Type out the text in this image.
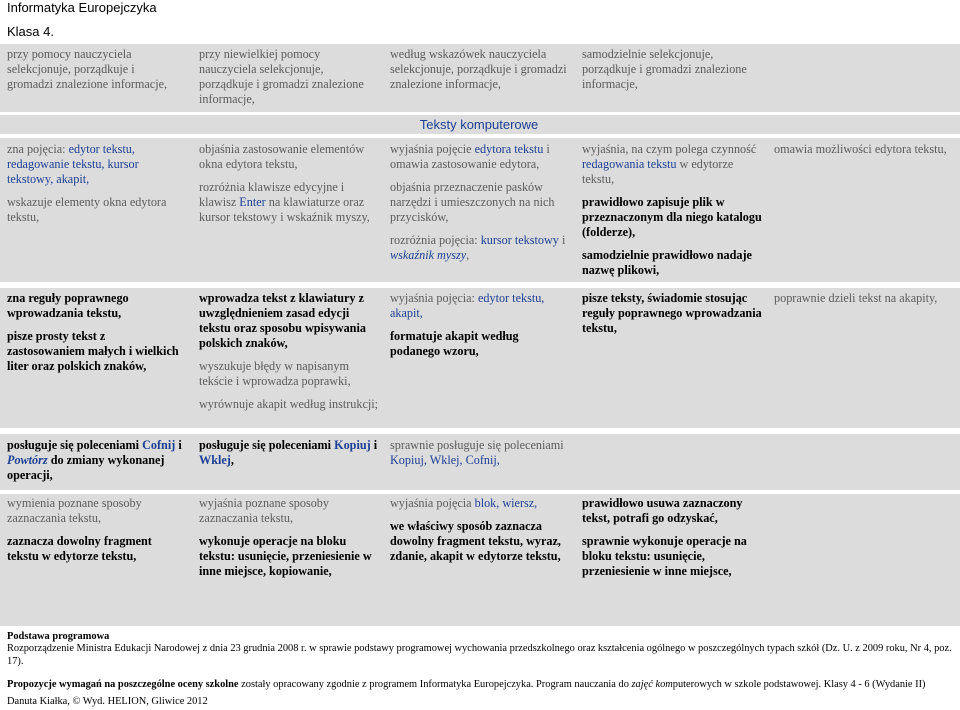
Informatyka Europejczyka
Klasa 4.
przy pomocy nauczyciela selekcjonuje, porządkuje i gromadzi znalezione informacje,
przy niewielkiej pomocy nauczyciela selekcjonuje, porządkuje i gromadzi znalezione informacje,
według wskazówek nauczyciela selekcjonuje, porządkuje i gromadzi znalezione informacje,
samodzielnie selekcjonuje, porządkuje i gromadzi znalezione informacje,
Teksty komputerowe

zna pojęcia: edytor tekstu, redagowanie tekstu, kursor tekstowy, akapit,

wskazuje elementy okna edytora tekstu,

objaśnia zastosowanie elementów okna edytora tekstu,

rozróżnia klawisze edycyjne i klawisz Enter na klawiaturze oraz kursor tekstowy i wskaźnik myszy,

wyjaśnia pojęcie edytora tekstu i omawia zastosowanie edytora,

objaśnia przeznaczenie pasków narzędzi i umieszczonych na nich przycisków,

rozróżnia pojęcia: kursor tekstowy i wskaźnik myszy,

wyjaśnia, na czym polega czynność redagowania tekstu w edytorze tekstu,

prawidłowo zapisuje plik w przeznaczonym dla niego katalogu (folderze),

samodzielnie prawidłowo nadaje nazwę plikowi,

omawia możliwości edytora tekstu,

zna reguły poprawnego wprowadzania tekstu,

pisze prosty tekst z zastosowaniem małych i wielkich liter oraz polskich znaków,

wprowadza tekst z klawiatury z uwzględnieniem zasad edycji tekstu oraz sposobu wpisywania polskich znaków,

wyszukuje błędy w napisanym tekście i wprowadza poprawki,

wyrównuje akapit według instrukcji;

wyjaśnia pojęcia: edytor tekstu, akapit,

formatuje akapit według podanego wzoru,

pisze teksty, świadomie stosując reguły poprawnego wprowadzania tekstu,

poprawnie dzieli tekst na akapity,

posługuje się poleceniami Cofnij i Powtórz do zmiany wykonanej operacji,

posługuje się poleceniami Kopiuj i Wklej,

sprawnie posługuje się poleceniami Kopiuj, Wklej, Cofnij,

wymienia poznane sposoby zaznaczania tekstu,

zaznacza dowolny fragment tekstu w edytorze tekstu,

wyjaśnia poznane sposoby zaznaczania tekstu,

wykonuje operacje na bloku tekstu: usunięcie, przeniesienie w inne miejsce, kopiowanie,

wyjaśnia pojęcia blok, wiersz,

we właściwy sposób zaznacza dowolny fragment tekstu, wyraz, zdanie, akapit w edytorze tekstu,

prawidłowo usuwa zaznaczony tekst, potrafi go odzyskać,

sprawnie wykonuje operacje na bloku tekstu: usunięcie, przeniesienie w inne miejsce,

Podstawa programowa
Rozporządzenie Ministra Edukacji Narodowej z dnia 23 grudnia 2008 r. w sprawie podstawy programowej wychowania przedszkolnego oraz kształcenia ogólnego w poszczególnych typach szkół (Dz. U. z 2009 roku, Nr 4, poz. 17).
Propozycje wymagań na poszczególne oceny szkolne zostały opracowany zgodnie z programem Informatyka Europejczyka. Program nauczania do zajęć komputerowych w szkole podstawowej. Klasy 4 - 6 (Wydanie II)
Danuta Kiałka, © Wyd. HELION, Gliwice 2012
